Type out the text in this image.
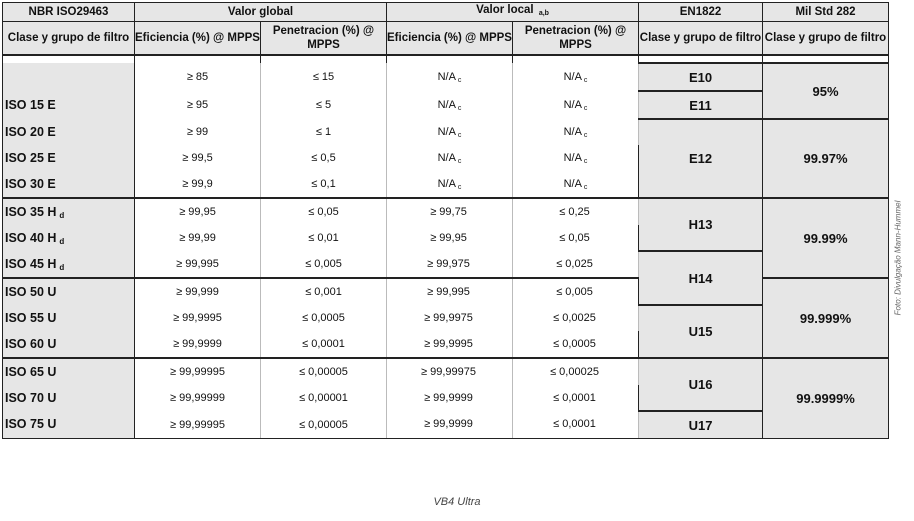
NBR ISO29463	Valor global		Valor local $_{a,b}$		EN1822	Mil Std 282
Clase y grupo de filtro	Eficiencia (%) @ MPPS	Penetracion (%) @ MPPS	Eficiencia (%) @ MPPS	Penetracion (%) @ MPPS	Clase y grupo de filtro	Clase y grupo de filtro

	≥ 85	≤ 15	N/A $_c$	N/A $_c$	E10	95%
ISO 15 E	≥ 95	≤ 5	N/A $_c$	N/A $_c$	E11	
ISO 20 E	≥ 99	≤ 1	N/A $_c$	N/A $_c$	E12	99.97%
ISO 25 E	≥ 99,5	≤ 0,5	N/A $_c$	N/A $_c$
ISO 30 E	≥ 99,9	≤ 0,1	N/A $_c$	N/A $_c$
ISO 35 H $_d$	≥ 99,95	≤ 0,05	≥ 99,75	≤ 0,25	H13	99.99%
ISO 40 H $_d$	≥ 99,99	≤ 0,01	≥ 99,95	≤ 0,05		
ISO 45 H $_d$	≥ 99,995	≤ 0,005	≥ 99,975	≤ 0,025	H14	
ISO 50 U	≥ 99,999	≤ 0,001	≥ 99,995	≤ 0,005		99.999%
ISO 55 U	≥ 99,9995	≤ 0,0005	≥ 99,9975	≤ 0,0025	U15	
ISO 60 U	≥ 99,9999	≤ 0,0001	≥ 99,9995	≤ 0,0005		
ISO 65 U	≥ 99,99995	≤ 0,00005	≥ 99,99975	≤ 0,00025	U16	99.9999%
ISO 70 U	≥ 99,99999	≤ 0,00001	≥ 99,9999	≤ 0,0001		
ISO 75 U	≥ 99,99995	≤ 0,00005	≥ 99,9999	≤ 0,0001	U17	
VB4 Ultra
Foto: Divulgação Mann-Hummel
